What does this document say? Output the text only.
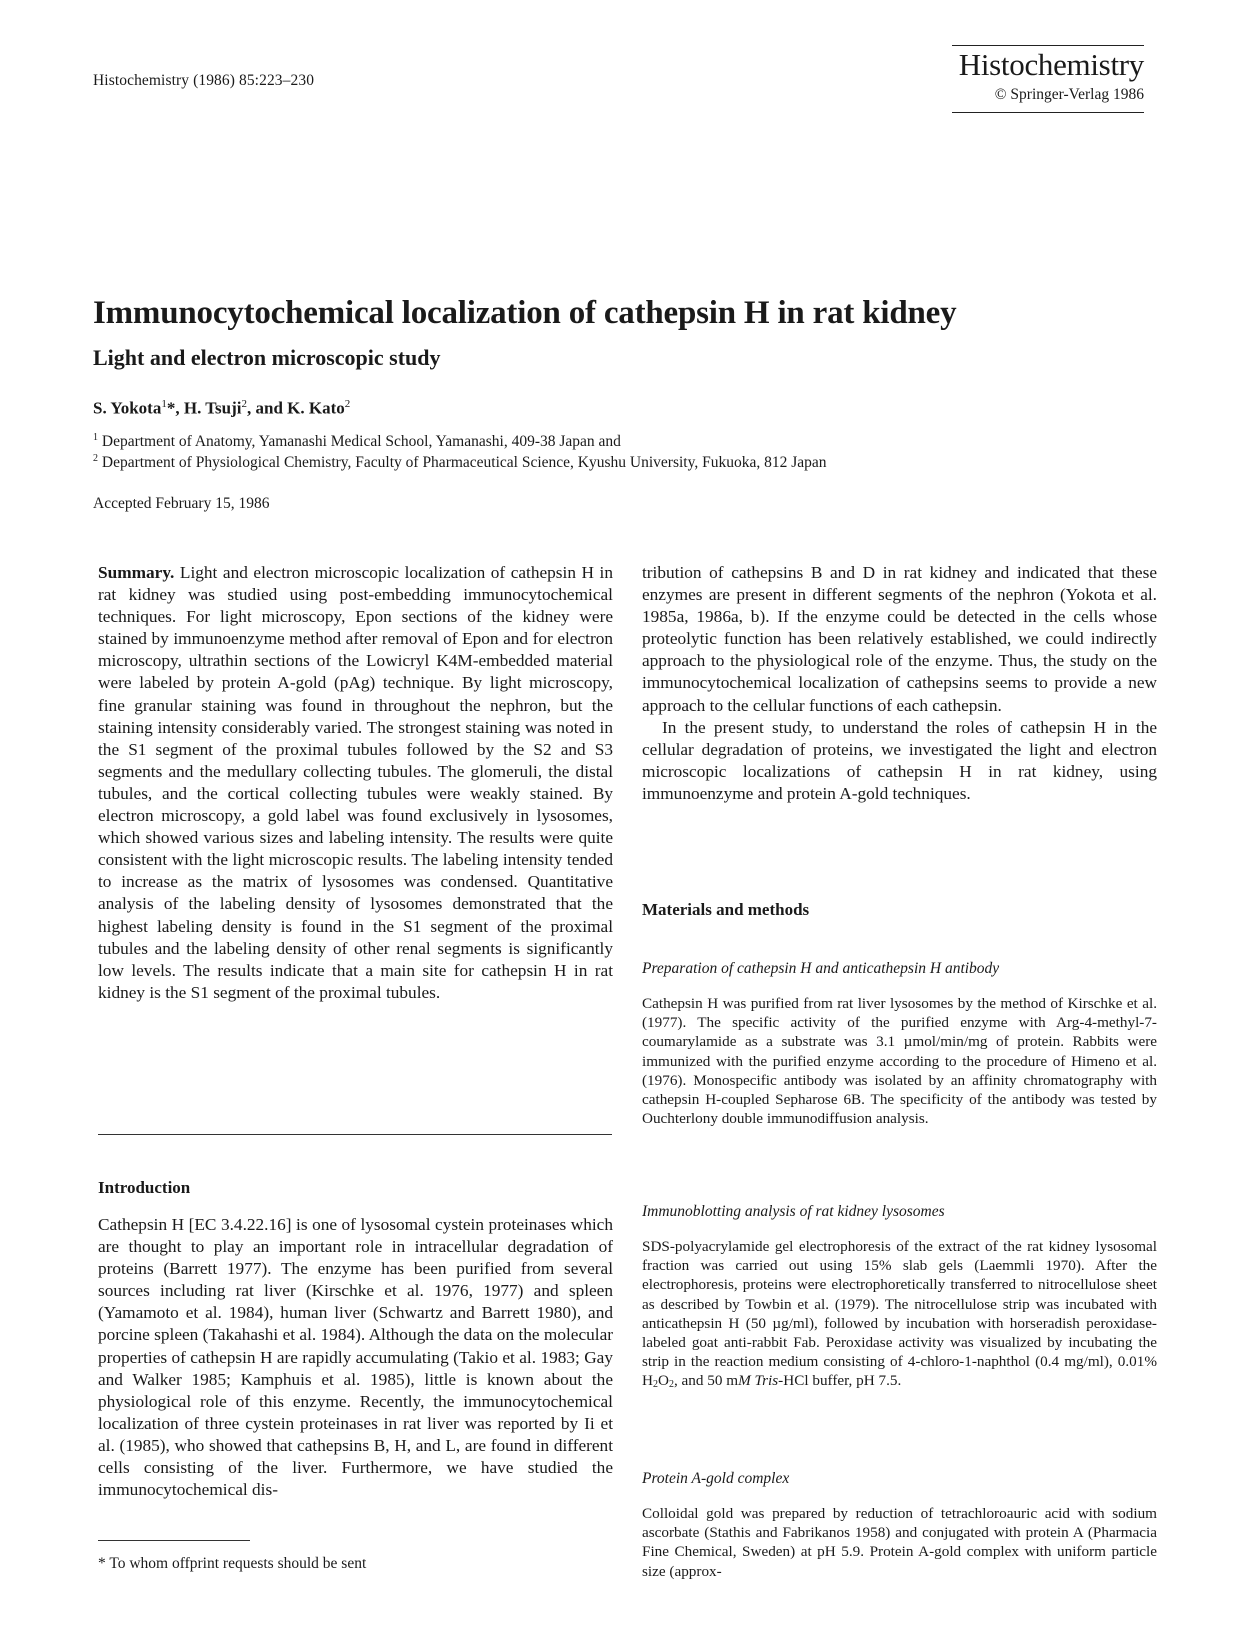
Histochemistry (1986) 85:223–230	Histochemistry
© Springer-Verlag 1986
Immunocytochemical localization of cathepsin H in rat kidney
Light and electron microscopic study
S. Yokota$^1$*, H. Tsuji$^2$, and K. Kato$^2$
$^1$ Department of Anatomy, Yamanashi Medical School, Yamanashi, 409-38 Japan and
$^2$ Department of Physiological Chemistry, Faculty of Pharmaceutical Science, Kyushu University, Fukuoka, 812 Japan
Accepted February 15, 1986

Summary. Light and electron microscopic localization of cathepsin H in rat kidney was studied using post-embedding immunocytochemical techniques. For light microscopy, Epon sections of the kidney were stained by immunoenzyme method after removal of Epon and for electron microscopy, ultrathin sections of the Lowicryl K4M-embedded material were labeled by protein A-gold (pAg) technique. By light microscopy, fine granular staining was found in throughout the nephron, but the staining intensity considerably varied. The strongest staining was noted in the S1 segment of the proximal tubules followed by the S2 and S3 segments and the medullary collecting tubules. The glomeruli, the distal tubules, and the cortical collecting tubules were weakly stained. By electron microscopy, a gold label was found exclusively in lysosomes, which showed various sizes and labeling intensity. The results were quite consistent with the light microscopic results. The labeling intensity tended to increase as the matrix of lysosomes was condensed. Quantitative analysis of the labeling density of lysosomes demonstrated that the highest labeling density is found in the S1 segment of the proximal tubules and the labeling density of other renal segments is significantly low levels. The results indicate that a main site for cathepsin H in rat kidney is the S1 segment of the proximal tubules.

Introduction

Cathepsin H [EC 3.4.22.16] is one of lysosomal cystein proteinases which are thought to play an important role in intracellular degradation of proteins (Barrett 1977). The enzyme has been purified from several sources including rat liver (Kirschke et al. 1976, 1977) and spleen (Yamamoto et al. 1984), human liver (Schwartz and Barrett 1980), and porcine spleen (Takahashi et al. 1984). Although the data on the molecular properties of cathepsin H are rapidly accumulating (Takio et al. 1983; Gay and Walker 1985; Kamphuis et al. 1985), little is known about the physiological role of this enzyme. Recently, the immunocytochemical localization of three cystein proteinases in rat liver was reported by Ii et al. (1985), who showed that cathepsins B, H, and L, are found in different cells consisting of the liver. Furthermore, we have studied the immunocytochemical dis-

* To whom offprint requests should be sent

tribution of cathepsins B and D in rat kidney and indicated that these enzymes are present in different segments of the nephron (Yokota et al. 1985a, 1986a, b). If the enzyme could be detected in the cells whose proteolytic function has been relatively established, we could indirectly approach to the physiological role of the enzyme. Thus, the study on the immunocytochemical localization of cathepsins seems to provide a new approach to the cellular functions of each cathepsin.

In the present study, to understand the roles of cathepsin H in the cellular degradation of proteins, we investigated the light and electron microscopic localizations of cathepsin H in rat kidney, using immunoenzyme and protein A-gold techniques.

Materials and methods
Preparation of cathepsin H and anticathepsin H antibody

Cathepsin H was purified from rat liver lysosomes by the method of Kirschke et al. (1977). The specific activity of the purified enzyme with Arg-4-methyl-7-coumarylamide as a substrate was 3.1 µmol/min/mg of protein. Rabbits were immunized with the purified enzyme according to the procedure of Himeno et al. (1976). Monospecific antibody was isolated by an affinity chromatography with cathepsin H-coupled Sepharose 6B. The specificity of the antibody was tested by Ouchterlony double immunodiffusion analysis.

Immunoblotting analysis of rat kidney lysosomes

SDS-polyacrylamide gel electrophoresis of the extract of the rat kidney lysosomal fraction was carried out using 15% slab gels (Laemmli 1970). After the electrophoresis, proteins were electrophoretically transferred to nitrocellulose sheet as described by Towbin et al. (1979). The nitrocellulose strip was incubated with anticathepsin H (50 µg/ml), followed by incubation with horseradish peroxidase-labeled goat anti-rabbit Fab. Peroxidase activity was visualized by incubating the strip in the reaction medium consisting of 4-chloro-1-naphthol (0.4 mg/ml), 0.01% $H_2O_2$, and 50 mM Tris-HCl buffer, pH 7.5.

Protein A-gold complex

Colloidal gold was prepared by reduction of tetrachloroauric acid with sodium ascorbate (Stathis and Fabrikanos 1958) and conjugated with protein A (Pharmacia Fine Chemical, Sweden) at pH 5.9. Protein A-gold complex with uniform particle size (approx-
